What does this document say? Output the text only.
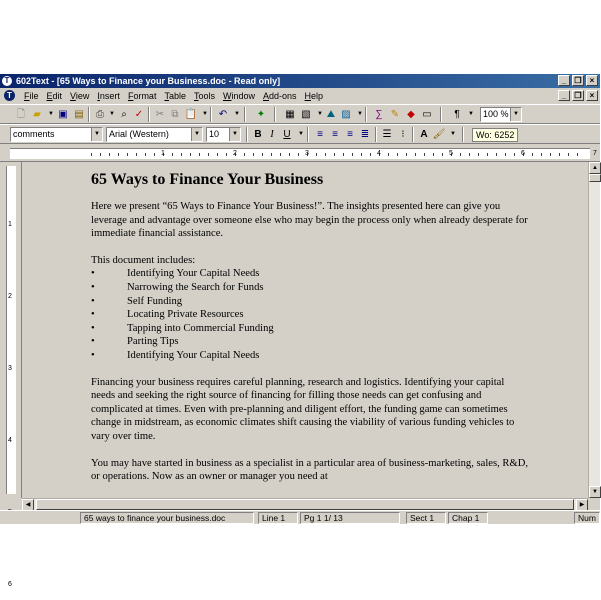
T 602Text - [65 Ways to Finance your Business.doc - Read only]	_	❐	×
T	File Edit View Insert Format Table Tools Window Add-ons Help	_	❐	×
🗋 ▰	▼ ▣ ▤	⎙ ▼ ⌕ ✓ ✂ ⧉ 📋 ▼	↶	▼	✦ ▦ ▧	▼ ⛰ ▨	▼	∑ ✎ ◆ ▭	¶	▼	100 % ▼
comments	▼	Arial (Western)	▼	10	▼	B I U	▼	≡ ≡ ≡ ≣ ☰ ⁝	A 🖌 ▼	Wo: 6252
1	2	3	4	5	6	7
1
2
3
4
6
65 Ways to Finance Your Business

Here we present “65 Ways to Finance Your Business!”. The insights presented here can give you leverage and advantage over someone else who may begin the process only when already desperate for immediate financial assistance.

This document includes:
• Identifying Your Capital Needs
• Narrowing the Search for Funds
• Self Funding
• Locating Private Resources
• Tapping into Commercial Funding
• Parting Tips
• Identifying Your Capital Needs

Financing your business requires careful planning, research and logistics. Identifying your capital needs and seeking the right source of financing for filling those needs can get confusing and complicated at times. Even with pre-planning and diligent effort, the funding game can sometimes change in midstream, as economic climates shift causing the viability of various funding vehicles to vary over time.

You may have started in business as a specialist in a particular area of business-marketing, sales, R&D, or operations. Now as an owner or manager you need at

▲
▼
◀	▶
65 ways to finance your business.doc	Line 1	Pg 1 1/ 13	Sect 1	Chap 1	Num
